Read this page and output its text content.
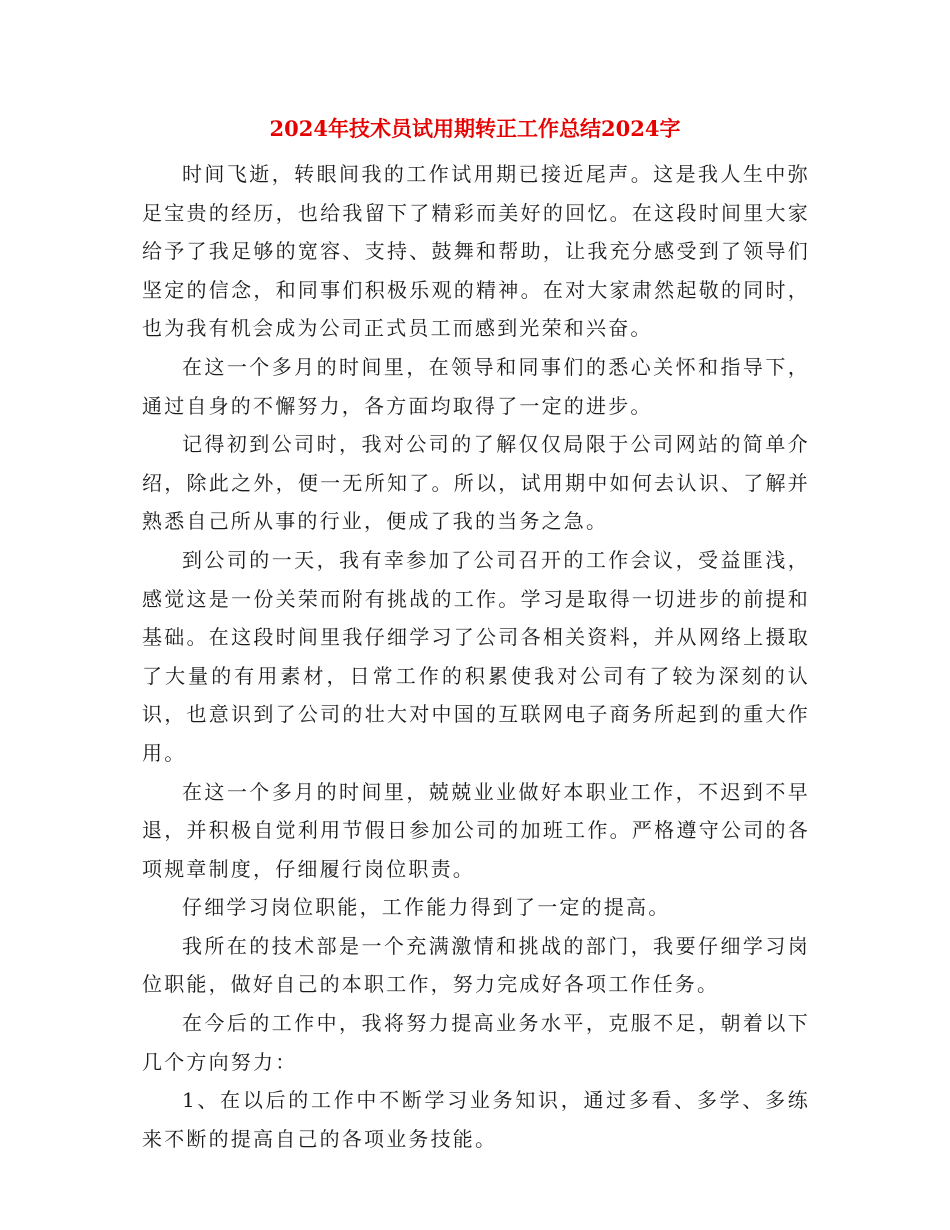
2024年技术员试用期转正工作总结2024字

时间飞逝，转眼间我的工作试用期已接近尾声。这是我人生中弥足宝贵的经历，也给我留下了精彩而美好的回忆。在这段时间里大家给予了我足够的宽容、支持、鼓舞和帮助，让我充分感受到了领导们坚定的信念，和同事们积极乐观的精神。在对大家肃然起敬的同时，也为我有机会成为公司正式员工而感到光荣和兴奋。

在这一个多月的时间里，在领导和同事们的悉心关怀和指导下，通过自身的不懈努力，各方面均取得了一定的进步。

记得初到公司时，我对公司的了解仅仅局限于公司网站的简单介绍，除此之外，便一无所知了。所以，试用期中如何去认识、了解并熟悉自己所从事的行业，便成了我的当务之急。

到公司的一天，我有幸参加了公司召开的工作会议，受益匪浅，感觉这是一份关荣而附有挑战的工作。学习是取得一切进步的前提和基础。在这段时间里我仔细学习了公司各相关资料，并从网络上摄取了大量的有用素材，日常工作的积累使我对公司有了较为深刻的认识，也意识到了公司的壮大对中国的互联网电子商务所起到的重大作用。

在这一个多月的时间里，兢兢业业做好本职业工作，不迟到不早退，并积极自觉利用节假日参加公司的加班工作。严格遵守公司的各项规章制度，仔细履行岗位职责。

仔细学习岗位职能，工作能力得到了一定的提高。

我所在的技术部是一个充满激情和挑战的部门，我要仔细学习岗位职能，做好自己的本职工作，努力完成好各项工作任务。

在今后的工作中，我将努力提高业务水平，克服不足，朝着以下几个方向努力：

1、在以后的工作中不断学习业务知识，通过多看、多学、多练来不断的提高自己的各项业务技能。
